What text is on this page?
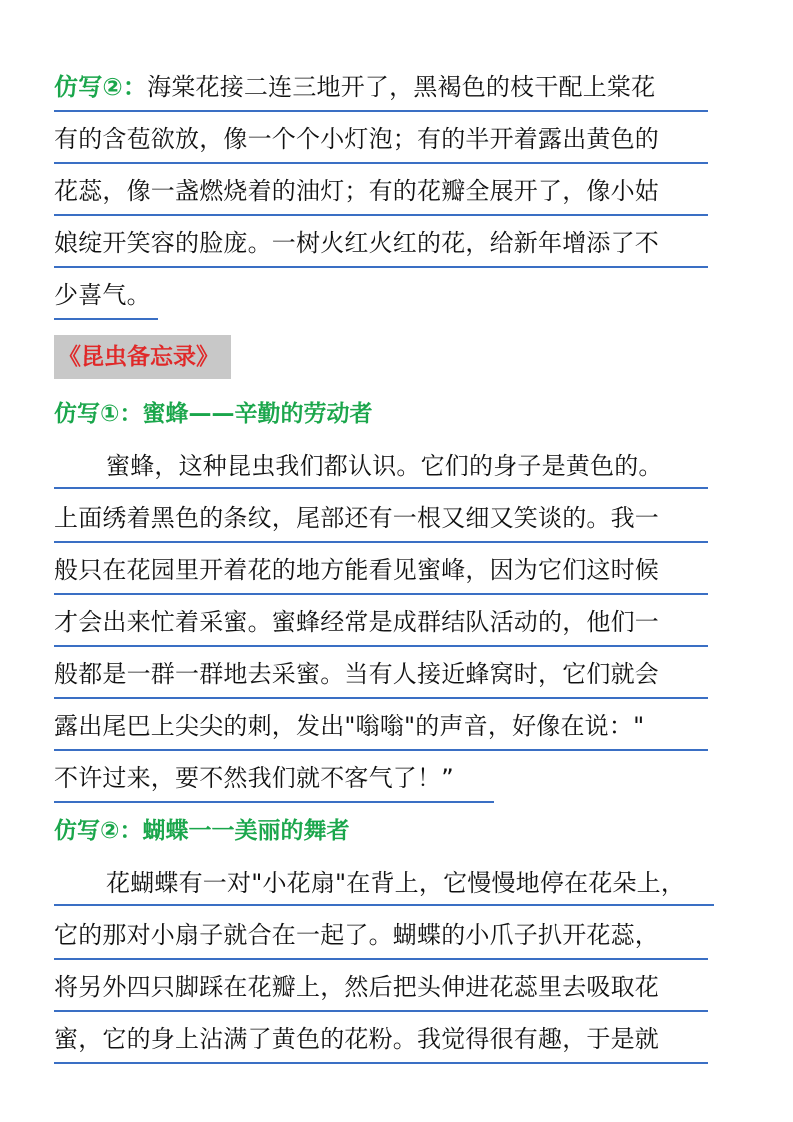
仿写②：海棠花接二连三地开了，黑褐色的枝干配上棠花
有的含苞欲放，像一个个小灯泡；有的半开着露出黄色的
花蕊，像一盏燃烧着的油灯；有的花瓣全展开了，像小姑
娘绽开笑容的脸庞。一树火红火红的花，给新年增添了不
少喜气。
《昆虫备忘录》
仿写①：蜜蜂——辛勤的劳动者
蜜蜂，这种昆虫我们都认识。它们的身子是黄色的。
上面绣着黑色的条纹，尾部还有一根又细又笑谈的。我一
般只在花园里开着花的地方能看见蜜峰，因为它们这时候
才会出来忙着采蜜。蜜蜂经常是成群结队活动的，他们一
般都是一群一群地去采蜜。当有人接近蜂窝时，它们就会
露出尾巴上尖尖的刺，发出"嗡嗡"的声音，好像在说："
不许过来，要不然我们就不客气了！”
仿写②：蝴蝶一一美丽的舞者
花蝴蝶有一对"小花扇"在背上，它慢慢地停在花朵上，
它的那对小扇子就合在一起了。蝴蝶的小爪子扒开花蕊，
将另外四只脚踩在花瓣上，然后把头伸进花蕊里去吸取花
蜜，它的身上沾满了黄色的花粉。我觉得很有趣，于是就
